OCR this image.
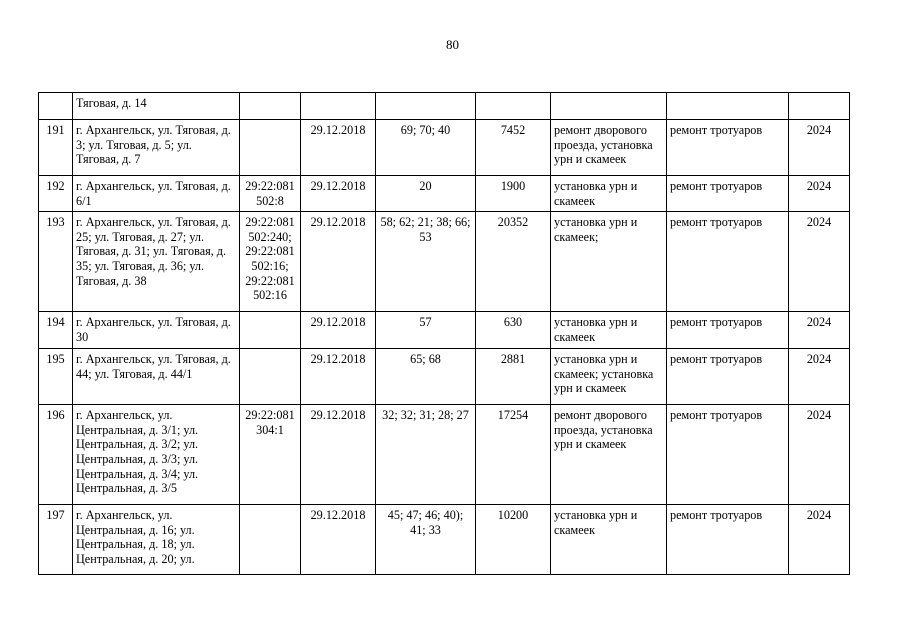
80
	Тяговая, д. 14							
191	г. Архангельск, ул. Тяговая, д. 3; ул. Тяговая, д. 5; ул. Тяговая, д. 7		29.12.2018	69; 70; 40	7452	ремонт дворового проезда, установка урн и скамеек	ремонт тротуаров	2024
192	г. Архангельск, ул. Тяговая, д. 6/1	29:22:081 502:8	29.12.2018	20	1900	установка урн и скамеек	ремонт тротуаров	2024
193	г. Архангельск, ул. Тяговая, д. 25; ул. Тяговая, д. 27; ул. Тяговая, д. 31; ул. Тяговая, д. 35; ул. Тяговая, д. 36; ул. Тяговая, д. 38	29:22:081 502:240; 29:22:081 502:16; 29:22:081 502:16	29.12.2018	58; 62; 21; 38; 66; 53	20352	установка урн и скамеек;	ремонт тротуаров	2024
194	г. Архангельск, ул. Тяговая, д. 30		29.12.2018	57	630	установка урн и скамеек	ремонт тротуаров	2024
195	г. Архангельск, ул. Тяговая, д. 44; ул. Тяговая, д. 44/1		29.12.2018	65; 68	2881	установка урн и скамеек; установка урн и скамеек	ремонт тротуаров	2024
196	г. Архангельск, ул. Центральная, д. 3/1; ул. Центральная, д. 3/2; ул. Центральная, д. 3/3; ул. Центральная, д. 3/4; ул. Центральная, д. 3/5	29:22:081 304:1	29.12.2018	32; 32; 31; 28; 27	17254	ремонт дворового проезда, установка урн и скамеек	ремонт тротуаров	2024
197	г. Архангельск, ул. Центральная, д. 16; ул. Центральная, д. 18; ул. Центральная, д. 20; ул.		29.12.2018	45; 47; 46; 40); 41; 33	10200	установка урн и скамеек	ремонт тротуаров	2024
